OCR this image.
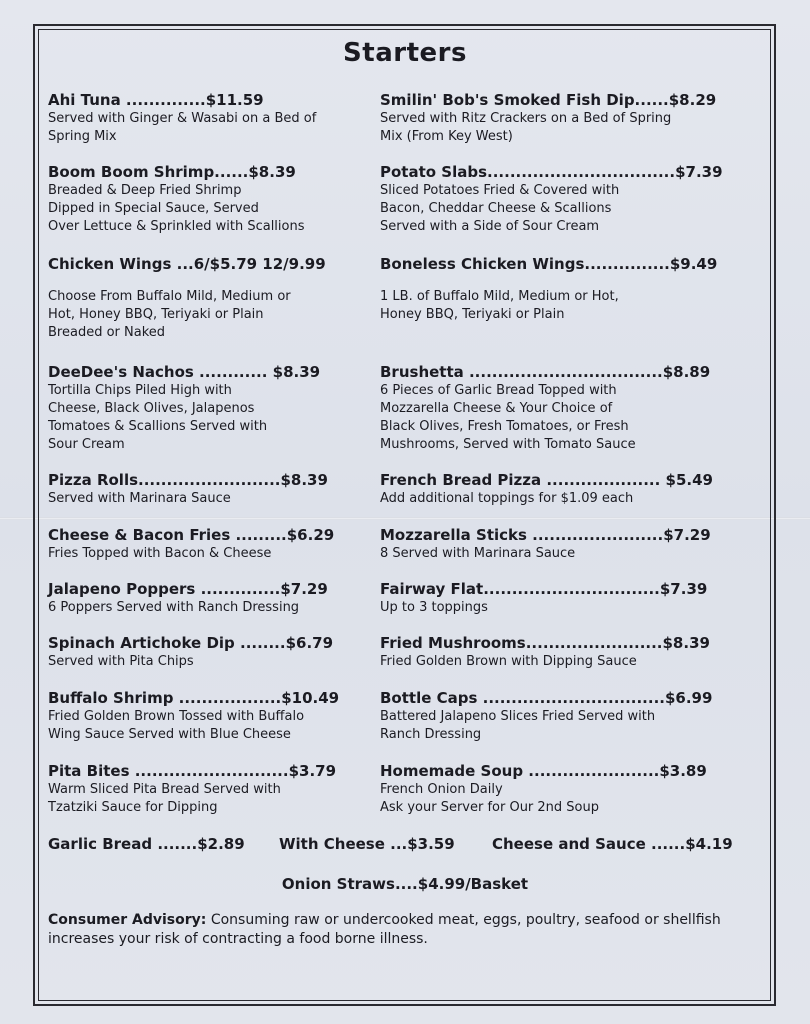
Starters
Ahi Tuna ..............$11.59
Served with Ginger & Wasabi on a Bed of
Spring Mix
Smilin' Bob's Smoked Fish Dip......$8.29
Served with Ritz Crackers on a Bed of Spring
Mix (From Key West)
Boom Boom Shrimp......$8.39
Breaded & Deep Fried Shrimp
Dipped in Special Sauce, Served
Over Lettuce & Sprinkled with Scallions
Potato Slabs.................................$7.39
Sliced Potatoes Fried & Covered with
Bacon, Cheddar Cheese & Scallions
Served with a Side of Sour Cream
Chicken Wings ...6/$5.79 12/9.99
Choose From Buffalo Mild, Medium or
Hot, Honey BBQ, Teriyaki or Plain
Breaded or Naked
Boneless Chicken Wings...............$9.49
1 LB. of Buffalo Mild, Medium or Hot,
Honey BBQ, Teriyaki or Plain
DeeDee's Nachos ............ $8.39
Tortilla Chips Piled High with
Cheese, Black Olives, Jalapenos
Tomatoes & Scallions Served with
Sour Cream
Brushetta ..................................$8.89
6 Pieces of Garlic Bread Topped with
Mozzarella Cheese & Your Choice of
Black Olives, Fresh Tomatoes, or Fresh
Mushrooms, Served with Tomato Sauce
Pizza Rolls.........................$8.39
Served with Marinara Sauce
French Bread Pizza .................... $5.49
Add additional toppings for $1.09 each
Cheese & Bacon Fries .........$6.29
Fries Topped with Bacon & Cheese
Mozzarella Sticks .......................$7.29
8 Served with Marinara Sauce
Jalapeno Poppers ..............$7.29
6 Poppers Served with Ranch Dressing
Fairway Flat...............................$7.39
Up to 3 toppings
Spinach Artichoke Dip ........$6.79
Served with Pita Chips
Fried Mushrooms........................$8.39
Fried Golden Brown with Dipping Sauce
Buffalo Shrimp ..................$10.49
Fried Golden Brown Tossed with Buffalo
Wing Sauce Served with Blue Cheese
Bottle Caps ................................$6.99
Battered Jalapeno Slices Fried Served with
Ranch Dressing
Pita Bites ...........................$3.79
Warm Sliced Pita Bread Served with
Tzatziki Sauce for Dipping
Homemade Soup .......................$3.89
French Onion Daily
Ask your Server for Our 2nd Soup
Garlic Bread .......$2.89 With Cheese ...$3.59 Cheese and Sauce ......$4.19
Onion Straws....$4.99/Basket
Consumer Advisory: Consuming raw or undercooked meat, eggs, poultry, seafood or shellfish increases your risk of contracting a food borne illness.
